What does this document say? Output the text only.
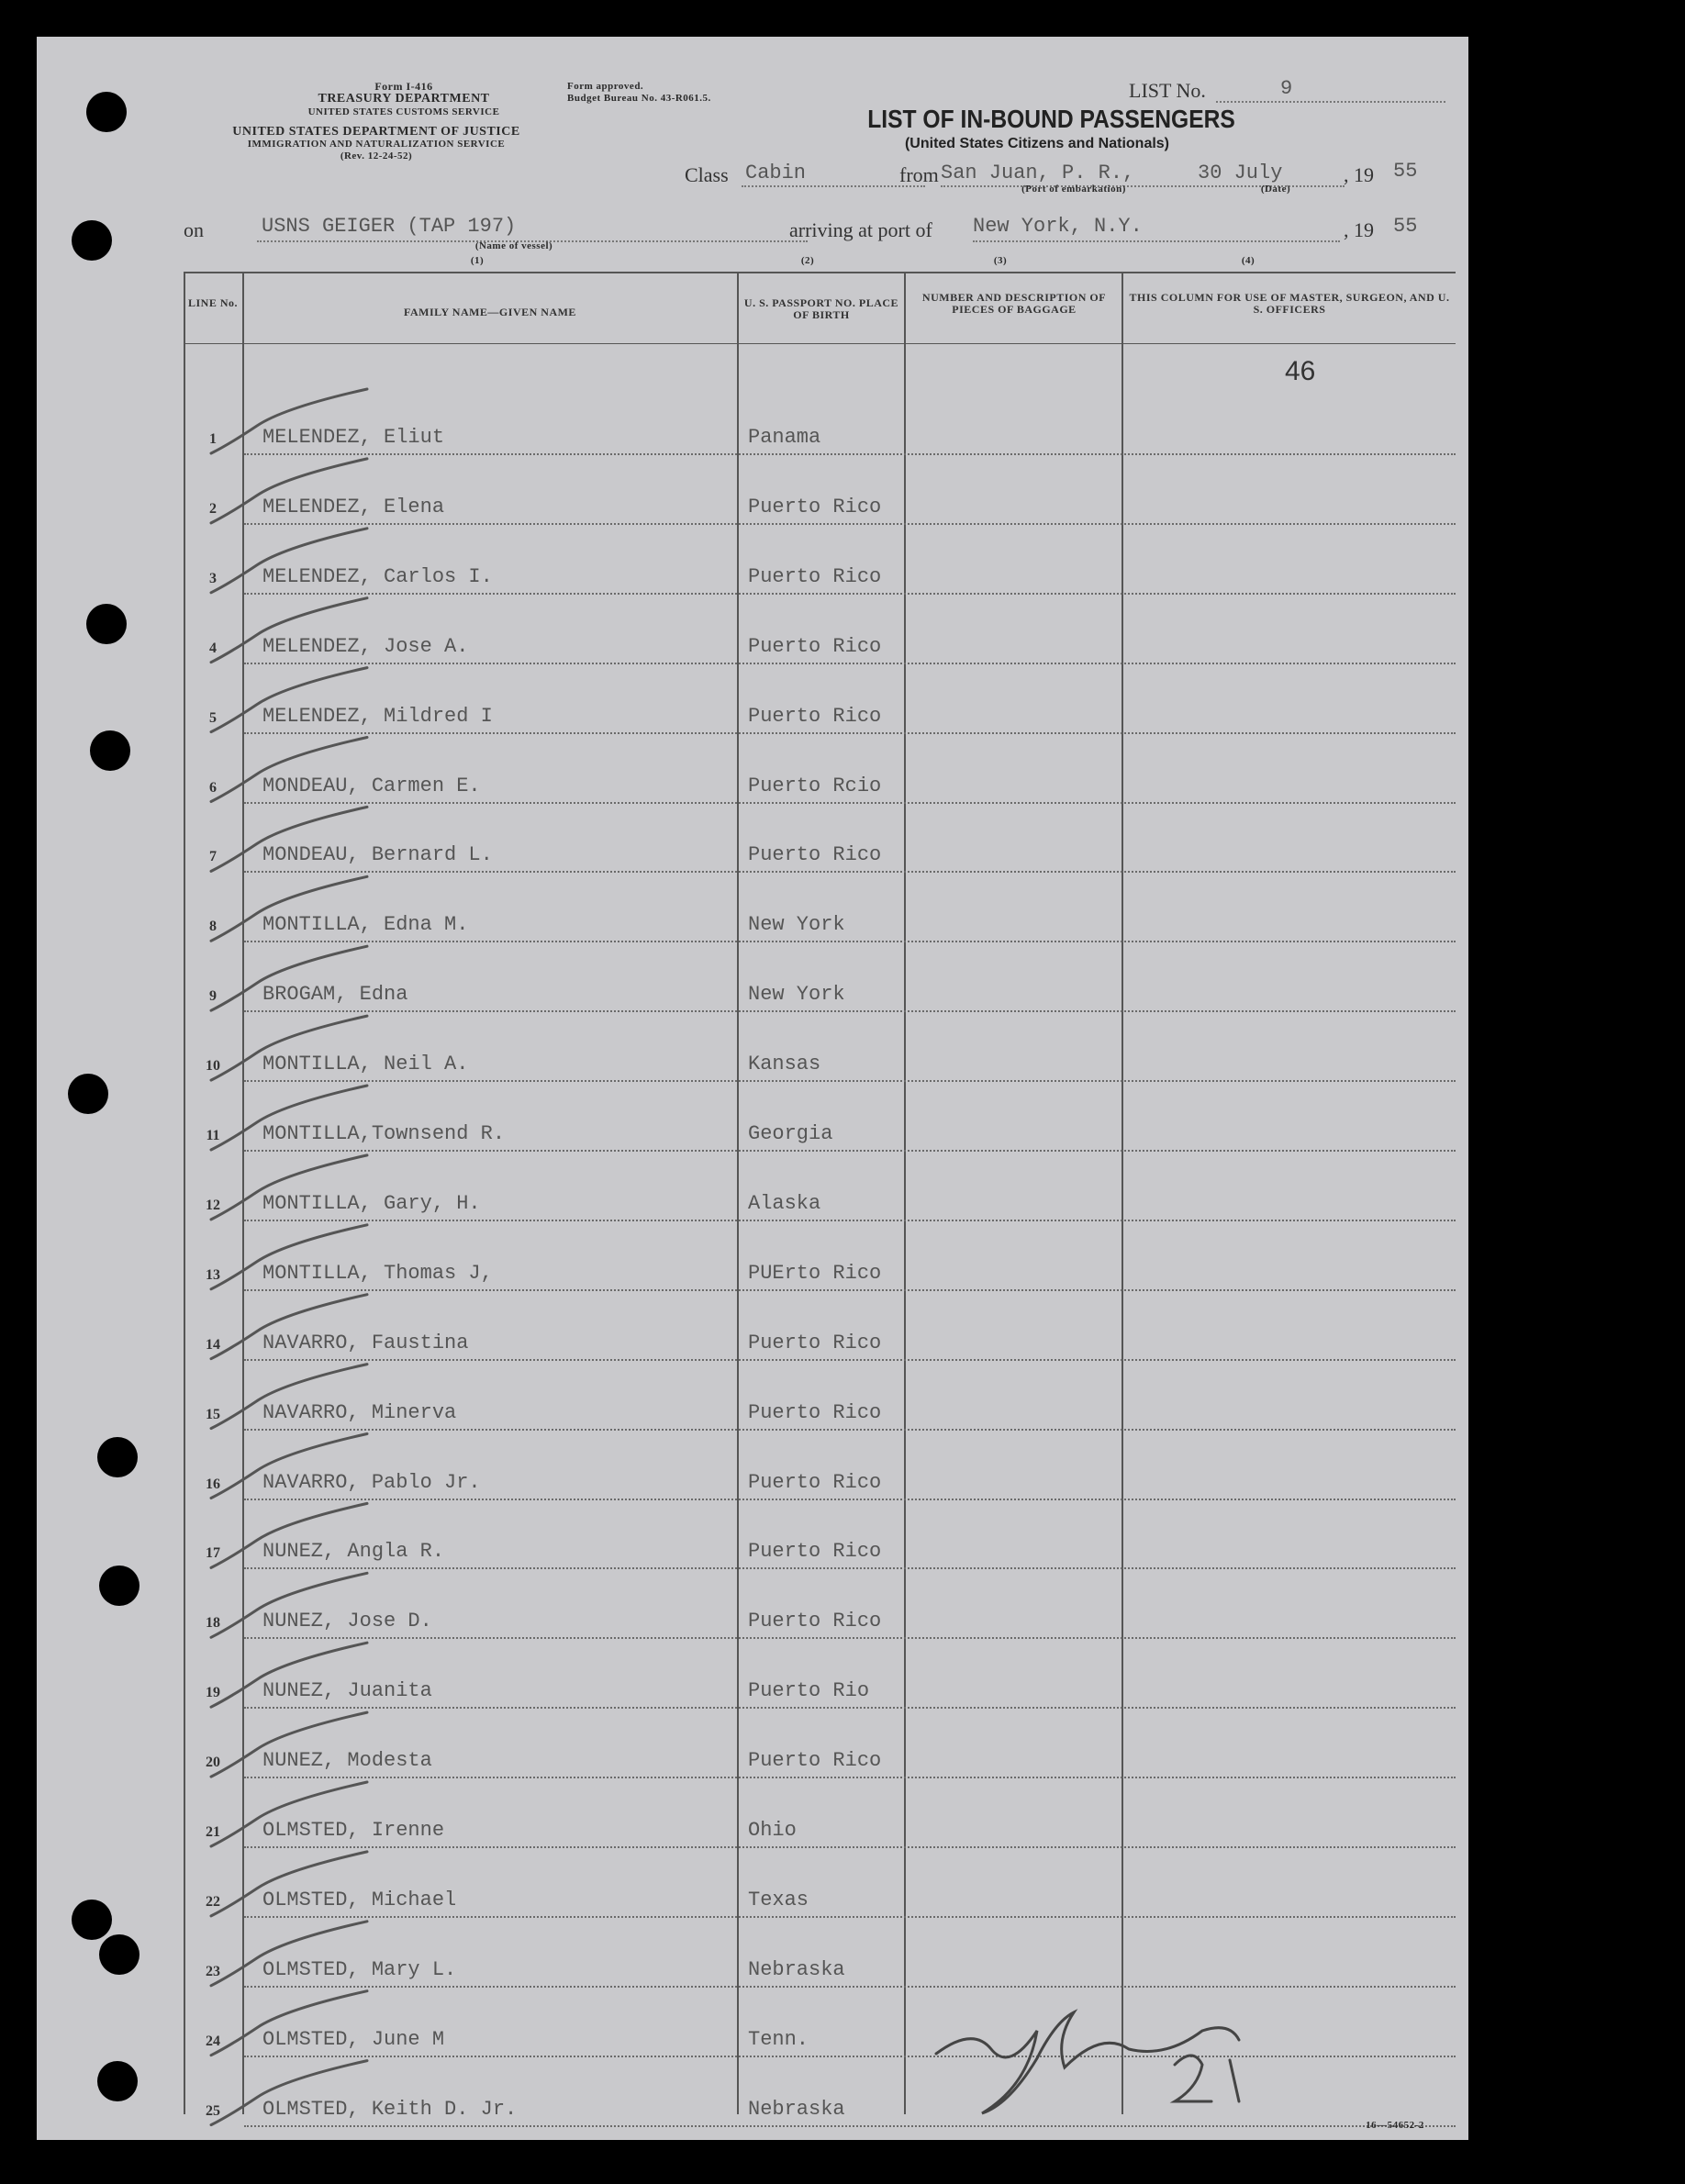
Form I-416
TREASURY DEPARTMENT
UNITED STATES CUSTOMS SERVICE
UNITED STATES DEPARTMENT OF JUSTICE
IMMIGRATION AND NATURALIZATION SERVICE
(Rev. 12-24-52)
Form approved.
Budget Bureau No. 43-R061.5.	LIST No.	9
LIST OF IN-BOUND PASSENGERS
(United States Citizens and Nationals)
Class Cabin	from San Juan, P. R.,	30 July	, 19 55
(Port of embarkation)	(Date)
on	USNS GEIGER (TAP 197)	arriving at port of New York, N.Y.	, 19 55
(Name of vessel)
(1)	(2)	(3)	(4)
LINE No.
FAMILY NAME—GIVEN NAME
U. S. PASSPORT NO. PLACE OF BIRTH
NUMBER AND DESCRIPTION OF PIECES OF BAGGAGE
THIS COLUMN FOR USE OF MASTER, SURGEON, AND U. S. OFFICERS
46
1	MELENDEZ, Eliut	Panama
2	MELENDEZ, Elena	Puerto Rico
3	MELENDEZ, Carlos I.	Puerto Rico
4	MELENDEZ, Jose A.	Puerto Rico
5	MELENDEZ, Mildred I	Puerto Rico
6	MONDEAU, Carmen E.	Puerto Rcio
7	MONDEAU, Bernard L.	Puerto Rico
8	MONTILLA, Edna M.	New York
9	BROGAM, Edna	New York
10	MONTILLA, Neil A.	Kansas
11	MONTILLA,Townsend R.	Georgia
12	MONTILLA, Gary, H.	Alaska
13	MONTILLA, Thomas J,	PUErto Rico
14	NAVARRO, Faustina	Puerto Rico
15	NAVARRO, Minerva	Puerto Rico
16	NAVARRO, Pablo Jr.	Puerto Rico
17	NUNEZ, Angla R.	Puerto Rico
18	NUNEZ, Jose D.	Puerto Rico
19	NUNEZ, Juanita	Puerto Rio
20	NUNEZ, Modesta	Puerto Rico
21	OLMSTED, Irenne	Ohio
22	OLMSTED, Michael	Texas
23	OLMSTED, Mary L.	Nebraska
24	OLMSTED, June M	Tenn.
25	OLMSTED, Keith D. Jr.	Nebraska
16—54652-2
